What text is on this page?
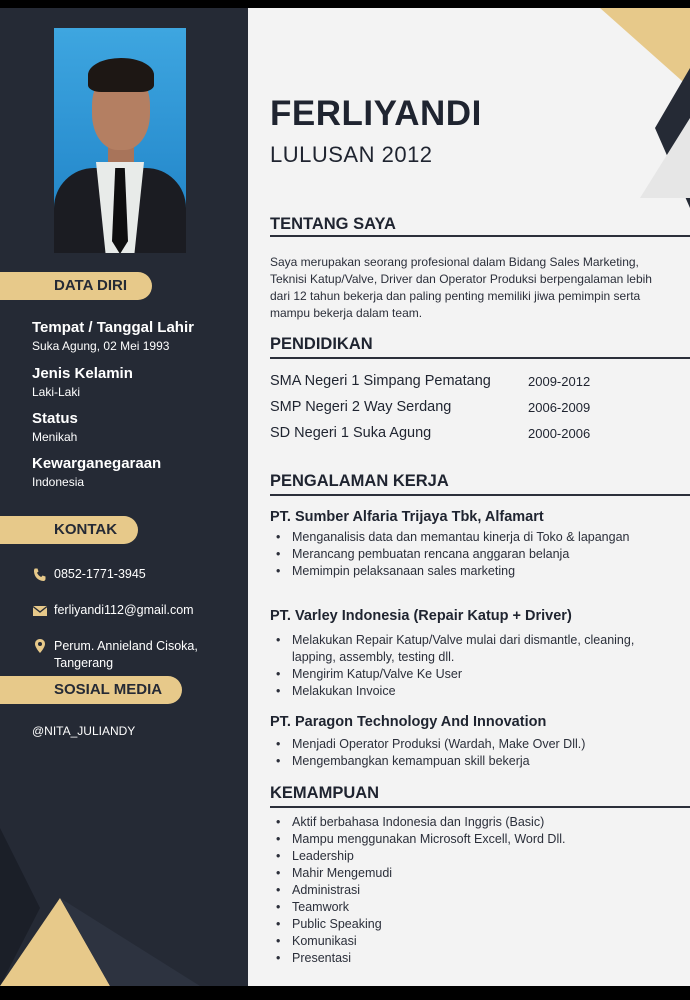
DATA DIRI
Tempat / Tanggal Lahir
Suka Agung, 02 Mei 1993
Jenis Kelamin
Laki-Laki
Status
Menikah
Kewarganegaraan
Indonesia
KONTAK
0852-1771-3945
ferliyandi112@gmail.com
Perum. Annieland Cisoka,
Tangerang
SOSIAL MEDIA
@NITA_JULIANDY
FERLIYANDI
LULUSAN 2012
TENTANG SAYA
Saya merupakan seorang profesional dalam Bidang Sales Marketing, Teknisi Katup/Valve, Driver dan Operator Produksi berpengalaman lebih dari 12 tahun bekerja dan paling penting memiliki jiwa pemimpin serta mampu bekerja dalam team.
PENDIDIKAN
SMA Negeri 1 Simpang Pematang	2009-2012
SMP Negeri 2 Way Serdang	2006-2009
SD Negeri 1 Suka Agung	2000-2006
PENGALAMAN KERJA
PT. Sumber Alfaria Trijaya Tbk, Alfamart
• Menganalisis data dan memantau kinerja di Toko & lapangan
• Merancang pembuatan rencana anggaran belanja
• Memimpin pelaksanaan sales marketing
PT. Varley Indonesia (Repair Katup + Driver)
• Melakukan Repair Katup/Valve mulai dari dismantle, cleaning, lapping, assembly, testing dll.
• Mengirim Katup/Valve Ke User
• Melakukan Invoice
PT. Paragon Technology And Innovation
• Menjadi Operator Produksi (Wardah, Make Over Dll.)
• Mengembangkan kemampuan skill bekerja
KEMAMPUAN
• Aktif berbahasa Indonesia dan Inggris (Basic)
• Mampu menggunakan Microsoft Excell, Word Dll.
• Leadership
• Mahir Mengemudi
• Administrasi
• Teamwork
• Public Speaking
• Komunikasi
• Presentasi
